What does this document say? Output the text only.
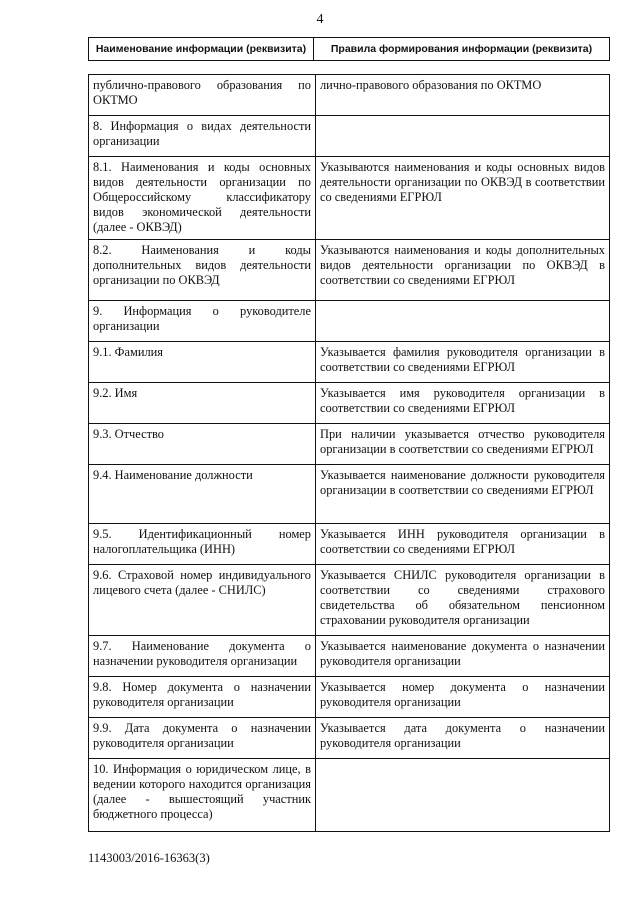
4
Наименование информации (реквизита)	Правила формирования информации (реквизита)
публично-правового образования по ОКТМО	лично-правового образования по ОКТМО
8. Информация о видах деятельности организации	
8.1. Наименования и коды основных видов деятельности организации по Общероссийскому классификатору видов экономической деятельности (далее - ОКВЭД)	Указываются наименования и коды основных видов деятельности организации по ОКВЭД в соответствии со сведениями ЕГРЮЛ
8.2. Наименования и коды дополнительных видов деятельности организации по ОКВЭД	Указываются наименования и коды дополнительных видов деятельности организации по ОКВЭД в соответствии со сведениями ЕГРЮЛ
9. Информация о руководителе организации	
9.1. Фамилия	Указывается фамилия руководителя организации в соответствии со сведениями ЕГРЮЛ
9.2. Имя	Указывается имя руководителя организации в соответствии со сведениями ЕГРЮЛ
9.3. Отчество	При наличии указывается отчество руководителя организации в соответствии со сведениями ЕГРЮЛ
9.4. Наименование должности	Указывается наименование должности руководителя организации в соответствии со сведениями ЕГРЮЛ
9.5. Идентификационный номер налогоплательщика (ИНН)	Указывается ИНН руководителя организации в соответствии со сведениями ЕГРЮЛ
9.6. Страховой номер индивидуального лицевого счета (далее - СНИЛС)	Указывается СНИЛС руководителя организации в соответствии со сведениями страхового свидетельства об обязательном пенсионном страховании руководителя организации
9.7. Наименование документа о назначении руководителя организации	Указывается наименование документа о назначении руководителя организации
9.8. Номер документа о назначении руководителя организации	Указывается номер документа о назначении руководителя организации
9.9. Дата документа о назначении руководителя организации	Указывается дата документа о назначении руководителя организации
10. Информация о юридическом лице, в ведении которого находится организация (далее - вышестоящий участник бюджетного процесса)	
1143003/2016-16363(3)
